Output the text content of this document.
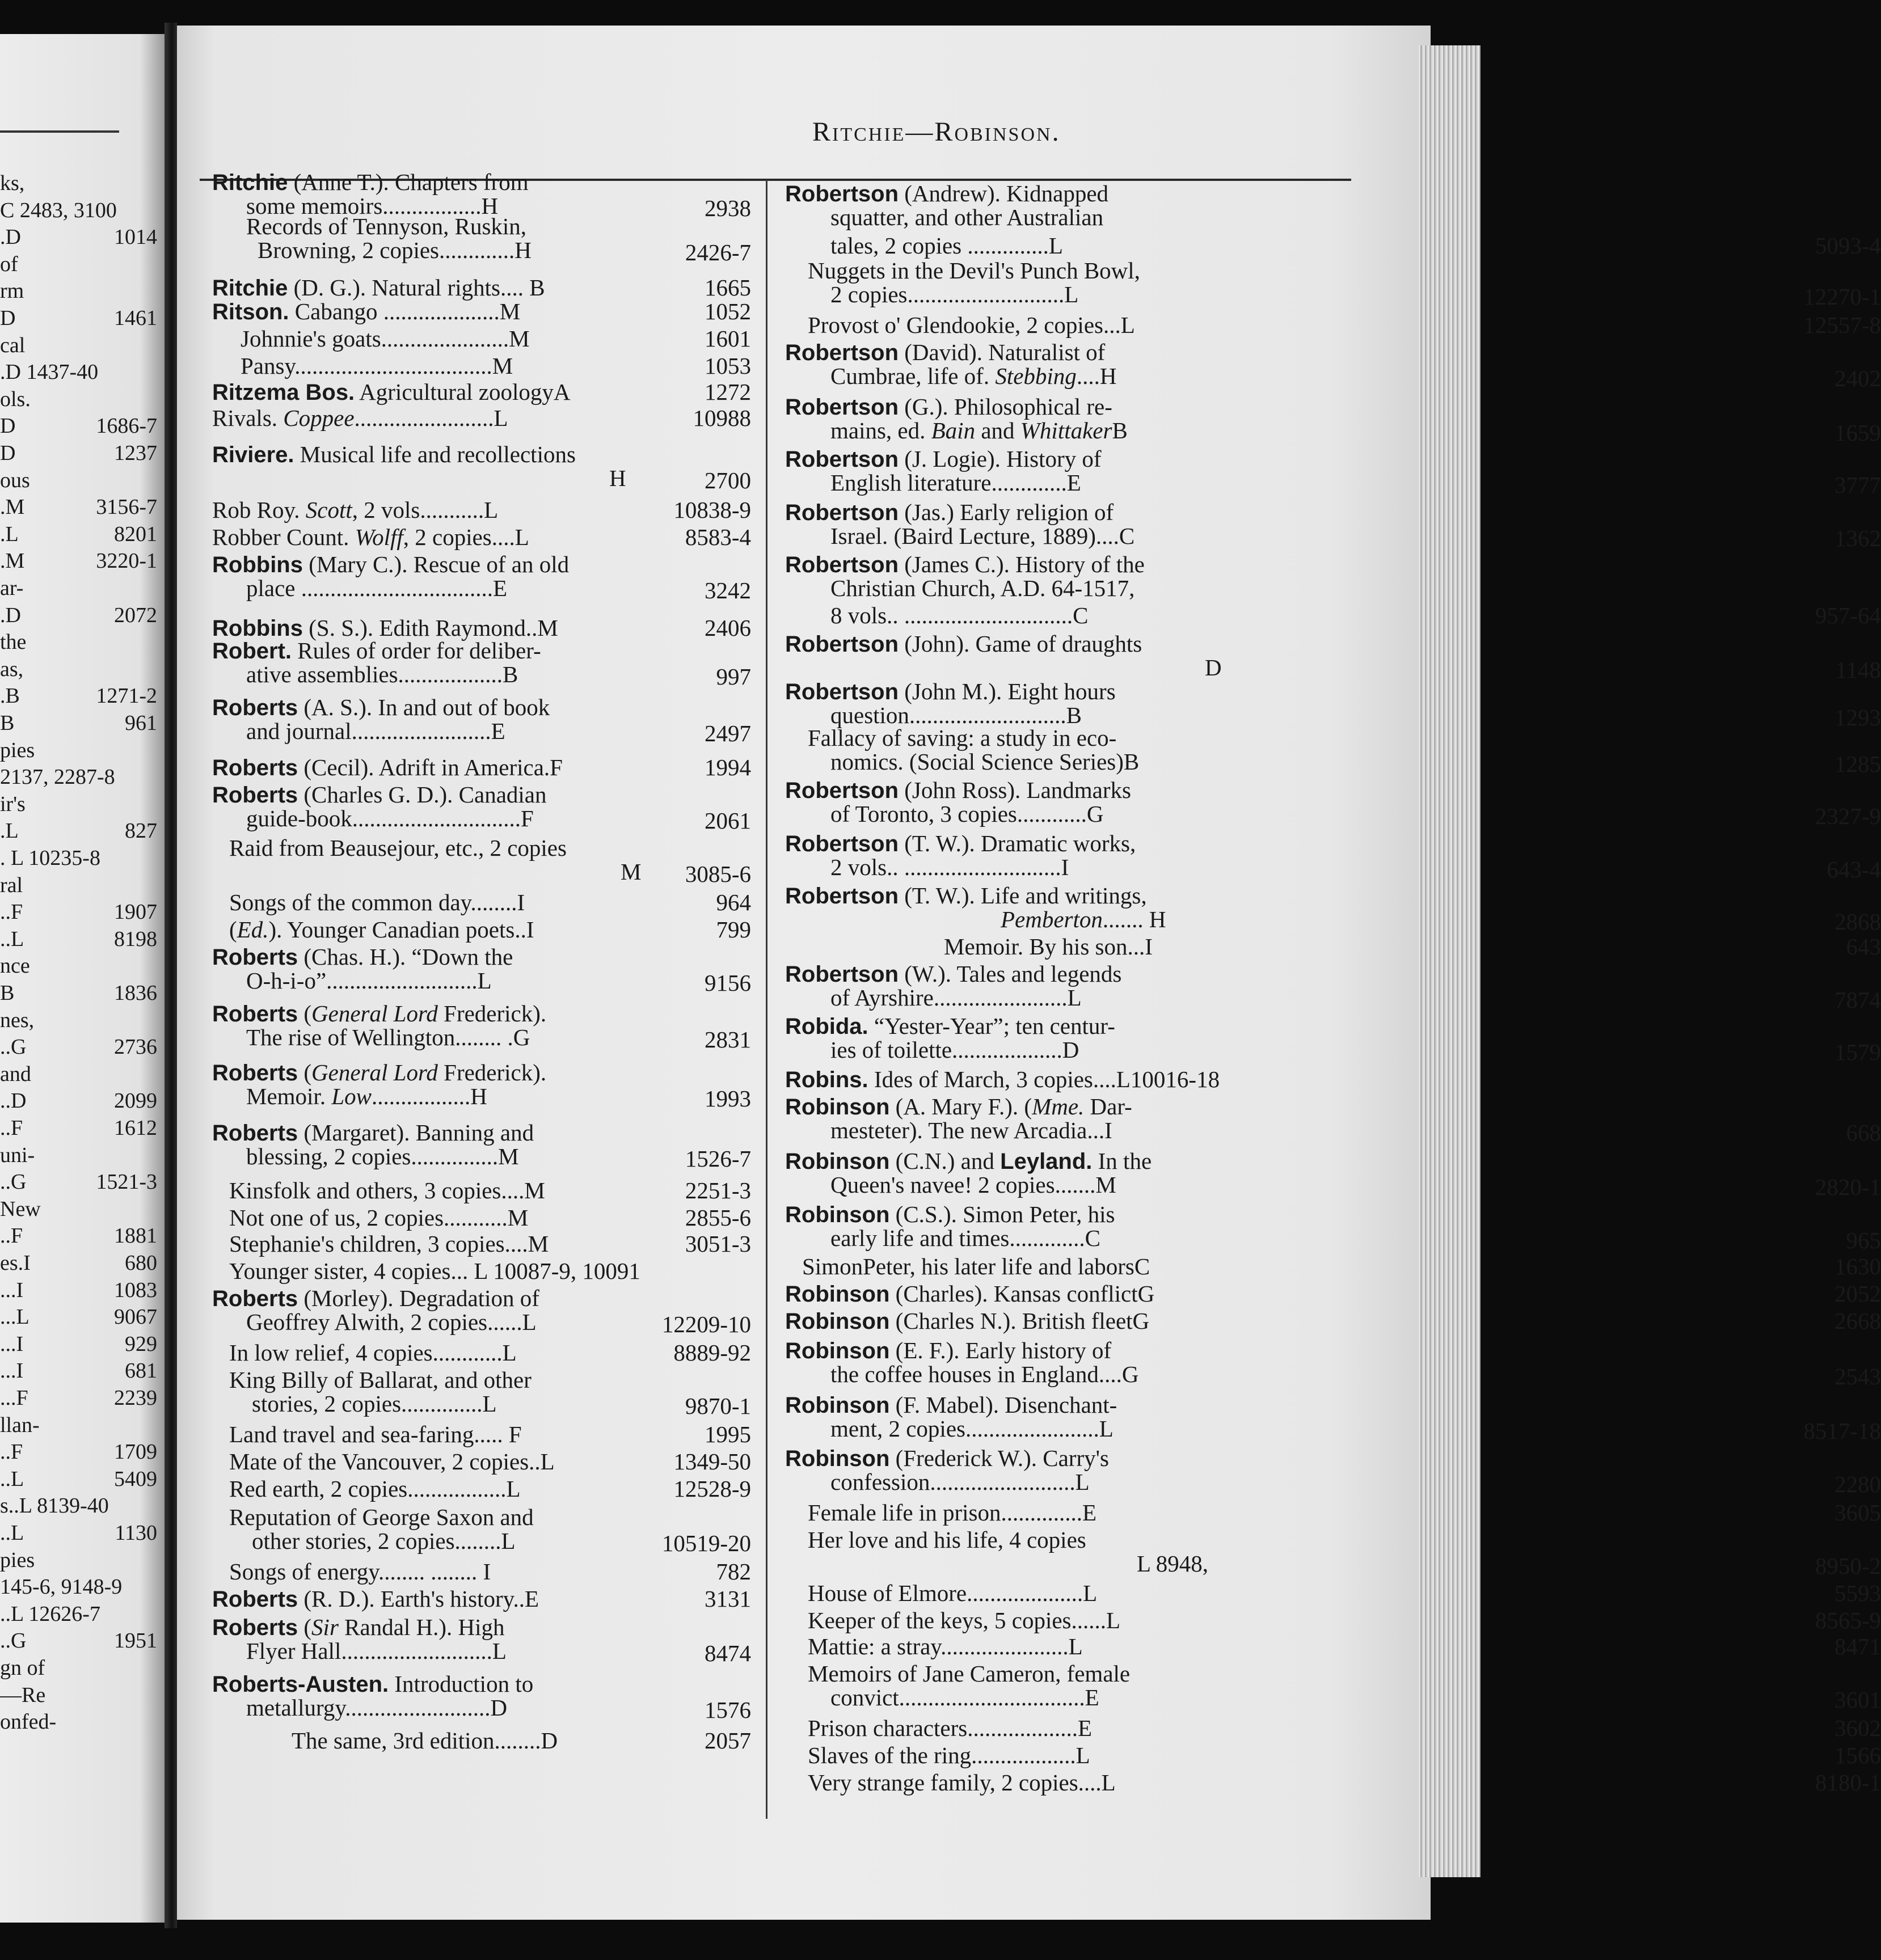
ks,
C 2483, 3100
.D	1014
of
rm
D	1461
cal
.D 1437-40
ols.
D	1686-7
D	1237
ous
.M	3156-7
.L	8201
.M	3220-1
ar-
.D	2072
the
as,
.B	1271-2
B	961
pies
2137, 2287-8
ir's
.L	827
. L 10235-8
ral
..F	1907
..L	8198
nce
B	1836
nes,
..G	2736
and
..D	2099
..F	1612
uni-
..G	1521-3
New
..F	1881
es.I	680
...I	1083
...L	9067
...I	929
...I	681
...F	2239
llan-
..F	1709
..L	5409
s..L 8139-40
..L	1130
pies
145-6, 9148-9
..L 12626-7
..G	1951
gn of
—Re
onfed-
Ritchie—Robinson.
Ritchie (Anne T.). Chapters from
some memoirs.................H	2938
Records of Tennyson, Ruskin,
Browning, 2 copies.............H	2426-7
Ritchie (D. G.). Natural rights.... B	1665
Ritson. Cabango ....................M	1052
Johnnie's goats......................M	1601
Pansy..................................M	1053
Ritzema Bos. Agricultural zoologyA	1272
Rivals. Coppee........................L	10988
Riviere. Musical life and recollections
H	2700
Rob Roy. Scott, 2 vols...........L	10838-9
Robber Count. Wolff, 2 copies....L	8583-4
Robbins (Mary C.). Rescue of an old
place .................................E	3242
Robbins (S. S.). Edith Raymond..M	2406
Robert. Rules of order for deliber-
ative assemblies..................B	997
Roberts (A. S.). In and out of book
and journal........................E	2497
Roberts (Cecil). Adrift in America.F	1994
Roberts (Charles G. D.). Canadian
guide-book.............................F	2061
Raid from Beausejour, etc., 2 copies
M	3085-6
Songs of the common day........I	964
(Ed.). Younger Canadian poets..I	799
Roberts (Chas. H.). “Down the
O-h-i-o”..........................L	9156
Roberts (General Lord Frederick).
The rise of Wellington........ .G	2831
Roberts (General Lord Frederick).
Memoir. Low.................H	1993
Roberts (Margaret). Banning and
blessing, 2 copies...............M	1526-7
Kinsfolk and others, 3 copies....M	2251-3
Not one of us, 2 copies...........M	2855-6
Stephanie's children, 3 copies....M	3051-3
Younger sister, 4 copies... L 10087-9, 10091
Roberts (Morley). Degradation of
Geoffrey Alwith, 2 copies......L	12209-10
In low relief, 4 copies............L	8889-92
King Billy of Ballarat, and other
stories, 2 copies..............L	9870-1
Land travel and sea-faring..... F	1995
Mate of the Vancouver, 2 copies..L	1349-50
Red earth, 2 copies.................L	12528-9
Reputation of George Saxon and
other stories, 2 copies........L	10519-20
Songs of energy........ ........ I	782
Roberts (R. D.). Earth's history..E	3131
Roberts (Sir Randal H.). High
Flyer Hall..........................L	8474
Roberts-Austen. Introduction to
metallurgy.........................D	1576
The same, 3rd edition........D	2057
Robertson (Andrew). Kidnapped
squatter, and other Australian
tales, 2 copies ..............L	5093-4
Nuggets in the Devil's Punch Bowl,
2 copies...........................L	12270-1
Provost o' Glendookie, 2 copies...L	12557-8
Robertson (David). Naturalist of
Cumbrae, life of. Stebbing....H	2402
Robertson (G.). Philosophical re-
mains, ed. Bain and WhittakerB	1659
Robertson (J. Logie). History of
English literature.............E	3777
Robertson (Jas.) Early religion of
Israel. (Baird Lecture, 1889)....C	1362
Robertson (James C.). History of the
Christian Church, A.D. 64-1517,
8 vols.. .............................C	957-64
Robertson (John). Game of draughts
D	1148
Robertson (John M.). Eight hours
question...........................B	1293
Fallacy of saving: a study in eco-
nomics. (Social Science Series)B	1285
Robertson (John Ross). Landmarks
of Toronto, 3 copies............G	2327-9
Robertson (T. W.). Dramatic works,
2 vols.. ...........................I	643-4
Robertson (T. W.). Life and writings,
Pemberton....... H	2868
Memoir. By his son...I	643
Robertson (W.). Tales and legends
of Ayrshire.......................L	7874
Robida. “Yester-Year”; ten centur-
ies of toilette...................D	1579
Robins. Ides of March, 3 copies....L10016-18
Robinson (A. Mary F.). (Mme. Dar-
mesteter). The new Arcadia...I	668
Robinson (C.N.) and Leyland. In the
Queen's navee! 2 copies.......M	2820-1
Robinson (C.S.). Simon Peter, his
early life and times.............C	965
SimonPeter, his later life and laborsC	1630
Robinson (Charles). Kansas conflictG	2052
Robinson (Charles N.). British fleetG	2668
Robinson (E. F.). Early history of
the coffee houses in England....G	2543
Robinson (F. Mabel). Disenchant-
ment, 2 copies.......................L	8517-18
Robinson (Frederick W.). Carry's
confession.........................L	2280
Female life in prison..............E	3605
Her love and his life, 4 copies
L 8948,	8950-2
House of Elmore....................L	5593
Keeper of the keys, 5 copies......L	8565-9
Mattie: a stray......................L	8471
Memoirs of Jane Cameron, female
convict................................E	3601
Prison characters...................E	3602
Slaves of the ring..................L	1566
Very strange family, 2 copies....L	8180-1
